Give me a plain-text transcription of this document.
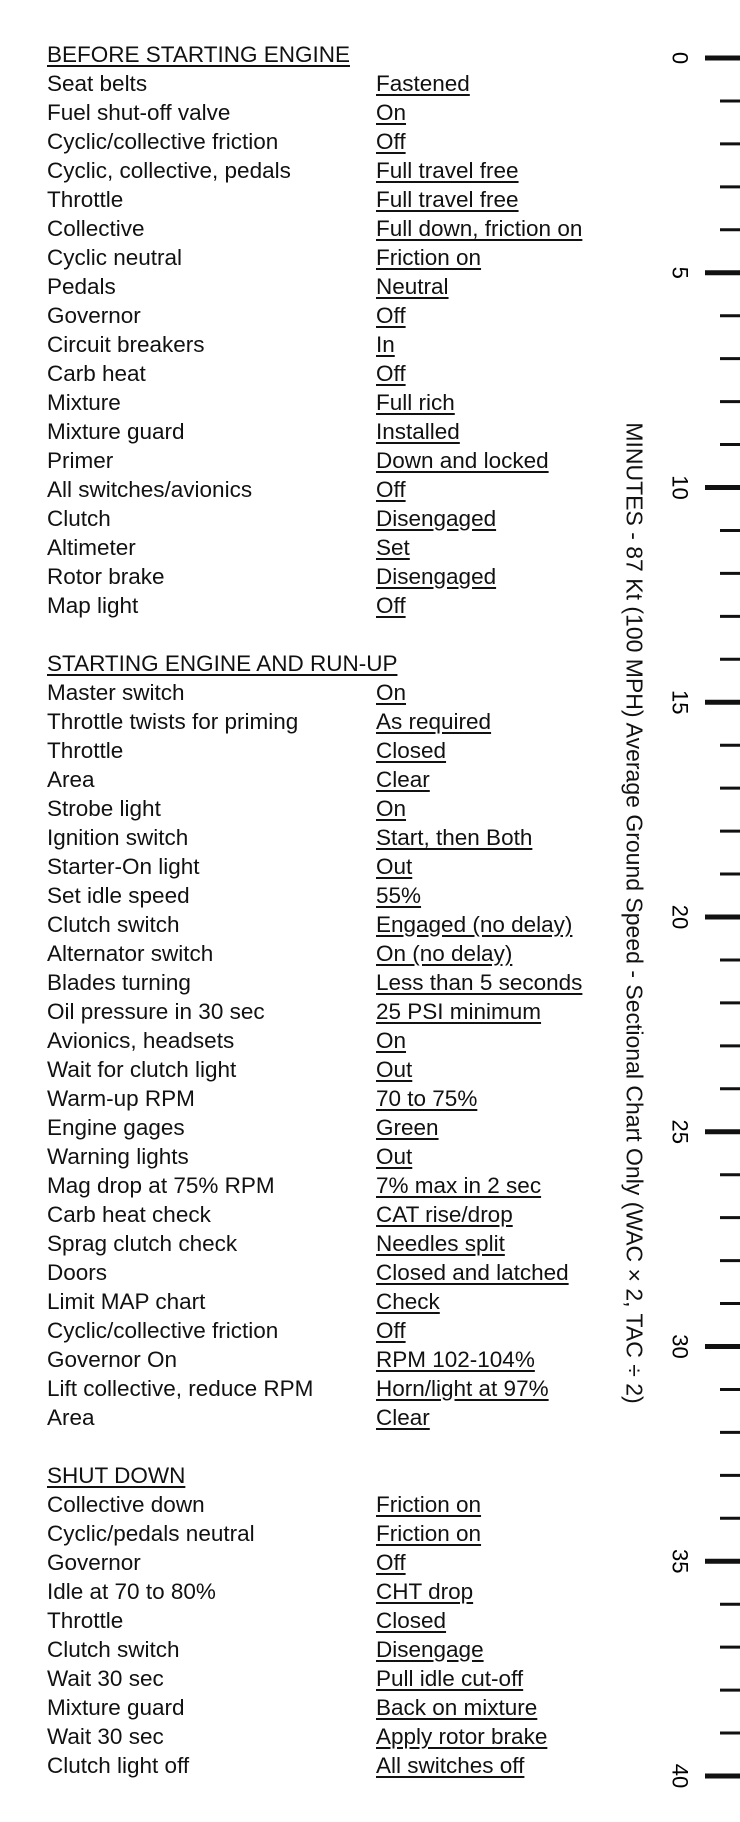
BEFORE STARTING ENGINE
Seat belts	Fastened
Fuel shut-off valve	On
Cyclic/collective friction	Off
Cyclic, collective, pedals	Full travel free
Throttle	Full travel free
Collective	Full down, friction on
Cyclic neutral	Friction on
Pedals	Neutral
Governor	Off
Circuit breakers	In
Carb heat	Off
Mixture	Full rich
Mixture guard	Installed
Primer	Down and locked
All switches/avionics	Off
Clutch	Disengaged
Altimeter	Set
Rotor brake	Disengaged
Map light	Off
STARTING ENGINE AND RUN-UP
Master switch	On
Throttle twists for priming	As required
Throttle	Closed
Area	Clear
Strobe light	On
Ignition switch	Start, then Both
Starter-On light	Out
Set idle speed	55%
Clutch switch	Engaged (no delay)
Alternator switch	On (no delay)
Blades turning	Less than 5 seconds
Oil pressure in 30 sec	25 PSI minimum
Avionics, headsets	On
Wait for clutch light	Out
Warm-up RPM	70 to 75%
Engine gages	Green
Warning lights	Out
Mag drop at 75% RPM	7% max in 2 sec
Carb heat check	CAT rise/drop
Sprag clutch check	Needles split
Doors	Closed and latched
Limit MAP chart	Check
Cyclic/collective friction	Off
Governor On	RPM 102-104%
Lift collective, reduce RPM	Horn/light at 97%
Area	Clear
SHUT DOWN
Collective down	Friction on
Cyclic/pedals neutral	Friction on
Governor	Off
Idle at 70 to 80%	CHT drop
Throttle	Closed
Clutch switch	Disengage
Wait 30 sec	Pull idle cut-off
Mixture guard	Back on mixture
Wait 30 sec	Apply rotor brake
Clutch light off	All switches off
MINUTES - 87 Kt (100 MPH) Average Ground Speed - Sectional Chart Only (WAC × 2, TAC ÷ 2)
0
5
10
15
20
25
30
35
40
